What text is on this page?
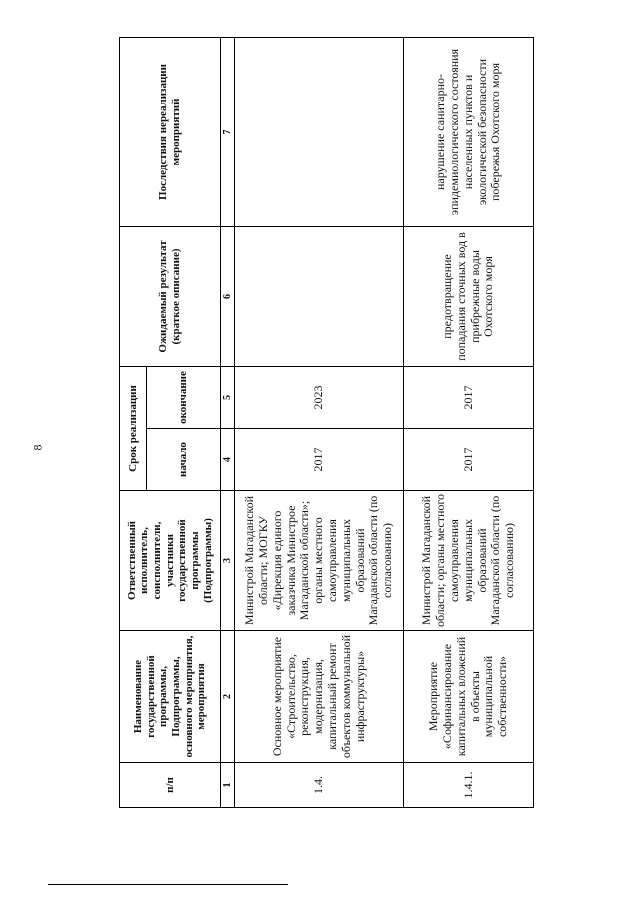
8
п/п	Наименование государственной программы, Подпрограммы, основного мероприятия, мероприятия	Ответственный исполнитель, соисполнители, участники государственной программы (Подпрограммы)	Срок реализации		Ожидаемый результат (краткое описание)	Последствия нереализации мероприятий
			начало	окончание		
1	2	3	4	5	6	7
1.4.	Основное мероприятие «Строительство, реконструкция, модернизация, капитальный ремонт объектов коммунальной инфраструктуры»	Министрой Магаданской области; МОГКУ «Дирекция единого заказчика Министрое Магаданской области»; органы местного самоуправления муниципальных образований Магаданской области (по согласованию)	2017	2023		
1.4.1.	Мероприятие «Софинансирование капитальных вложений в объекты муниципальной собственности»	Министрой Магаданской области; органы местного самоуправления муниципальных образований Магаданской области (по согласованию)	2017	2017	предотвращение попадания сточных вод в прибрежные воды Охотского моря	нарушение санитарно-эпидемиологического состояния населенных пунктов и экологической безопасности побережья Охотского моря
